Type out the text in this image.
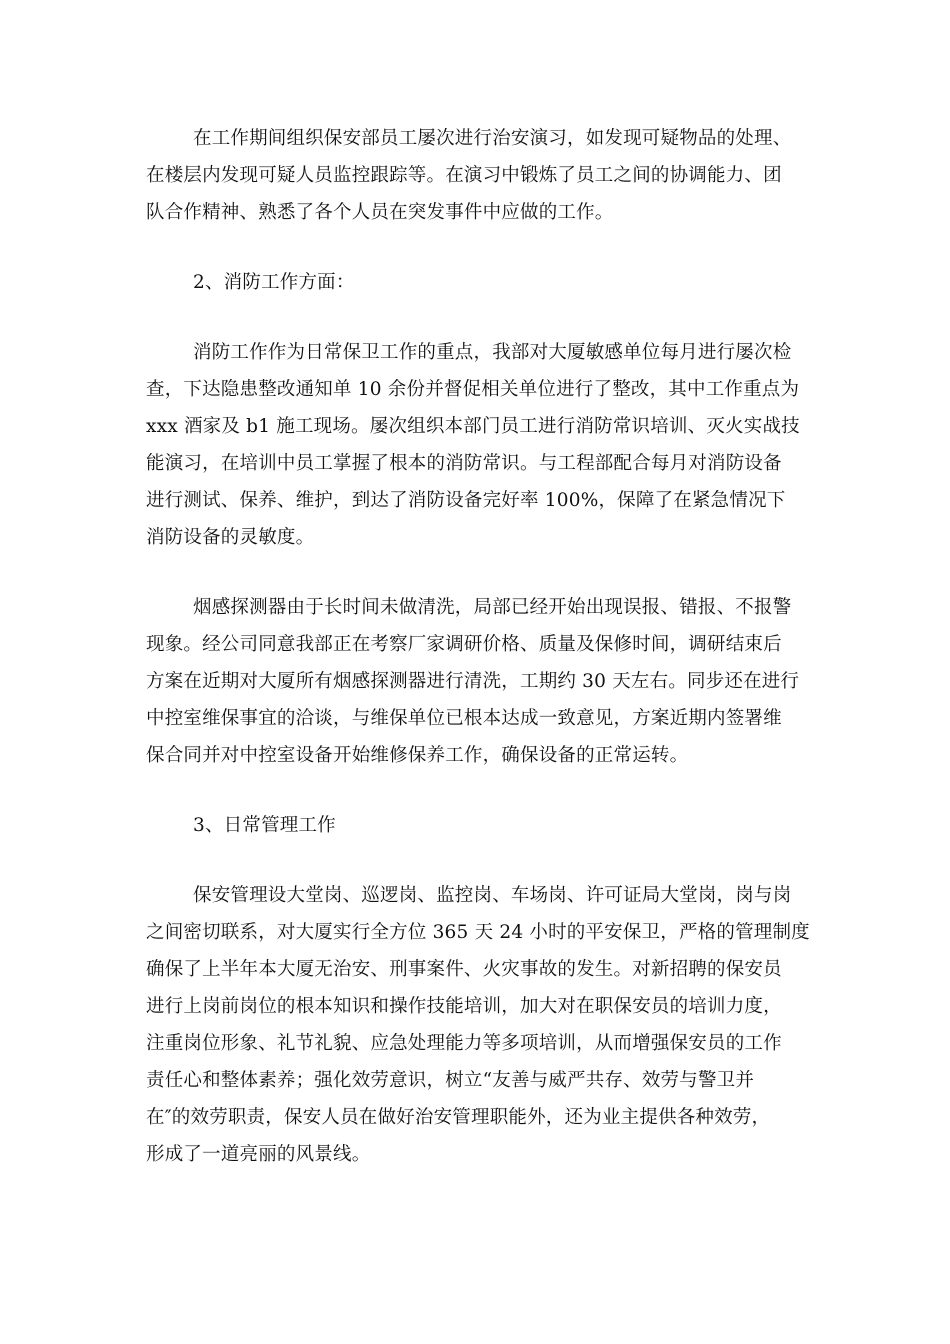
在工作期间组织保安部员工屡次进行治安演习，如发现可疑物品的处理、
在楼层内发现可疑人员监控跟踪等。在演习中锻炼了员工之间的协调能力、团
队合作精神、熟悉了各个人员在突发事件中应做的工作。
2、消防工作方面：
消防工作作为日常保卫工作的重点，我部对大厦敏感单位每月进行屡次检
查，下达隐患整改通知单 10 余份并督促相关单位进行了整改，其中工作重点为
xxx 酒家及 b1 施工现场。屡次组织本部门员工进行消防常识培训、灭火实战技
能演习，在培训中员工掌握了根本的消防常识。与工程部配合每月对消防设备
进行测试、保养、维护，到达了消防设备完好率 100%，保障了在紧急情况下
消防设备的灵敏度。
烟感探测器由于长时间未做清洗，局部已经开始出现误报、错报、不报警
现象。经公司同意我部正在考察厂家调研价格、质量及保修时间，调研结束后
方案在近期对大厦所有烟感探测器进行清洗，工期约 30 天左右。同步还在进行
中控室维保事宜的洽谈，与维保单位已根本达成一致意见，方案近期内签署维
保合同并对中控室设备开始维修保养工作，确保设备的正常运转。
3、日常管理工作
保安管理设大堂岗、巡逻岗、监控岗、车场岗、许可证局大堂岗，岗与岗
之间密切联系，对大厦实行全方位 365 天 24 小时的平安保卫，严格的管理制度
确保了上半年本大厦无治安、刑事案件、火灾事故的发生。对新招聘的保安员
进行上岗前岗位的根本知识和操作技能培训，加大对在职保安员的培训力度，
注重岗位形象、礼节礼貌、应急处理能力等多项培训，从而增强保安员的工作
责任心和整体素养；强化效劳意识，树立“友善与威严共存、效劳与警卫并
在″的效劳职责，保安人员在做好治安管理职能外，还为业主提供各种效劳，
形成了一道亮丽的风景线。
